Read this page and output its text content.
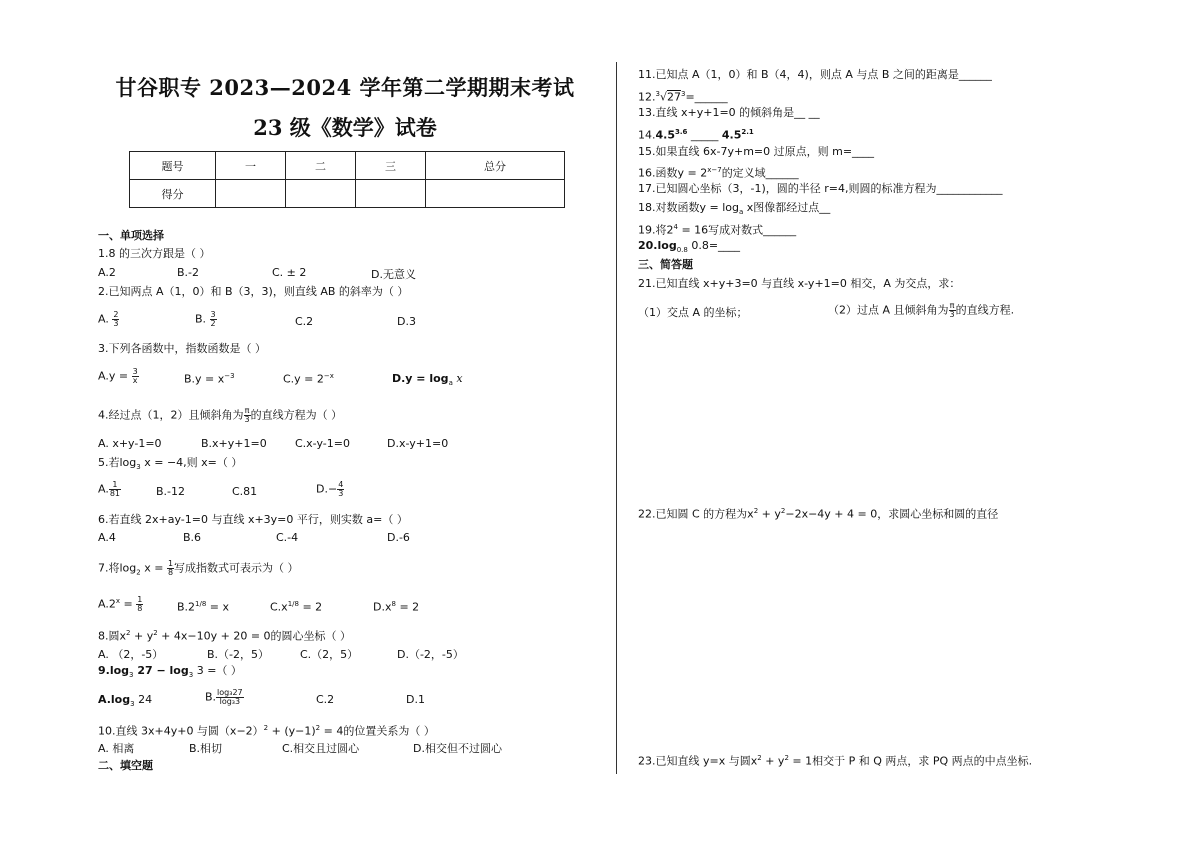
甘谷职专 2023—2024 学年第二学期期末考试
23 级《数学》试卷
题号	一	二	三	总分
得分				
一、单项选择
1.8 的三次方跟是（ ）
A.2	B.-2	C. ± 2	D.无意义
2.已知两点 A（1，0）和 B（3，3)，则直线 AB 的斜率为（ ）
A. $\frac{2}{3}$	B. $\frac{3}{2}$	C.2	D.3
3.下列各函数中，指数函数是（ ）
$A.y = \frac{3}{x}$	$B.y = x^{-3}$	$C.y = 2^{-x}$	$D.y = \log_a x$
4.经过点（1，2）且倾斜角为 $\frac{\pi}{3}$ 的直线方程为（ ）
A. x+y-1=0	B.x+y+1=0	C.x-y-1=0	D.x-y+1=0
5.若$\log_3 x = -4$,则 x=（ ）
A. $\frac{1}{81}$	B.-12	C.81	$D.- \frac{4}{3}$
6.若直线 2x+ay-1=0 与直线 x+3y=0 平行，则实数 a=（ ）
A.4	B.6	C.-4	D.-6
7.将$\log_2 x = \frac{1}{8}$ 写成指数式可表示为（ ）
$A.2^x = \frac{1}{8}$	$B.2^{1/8} = x$	$C.x^{1/8} = 2$	$D.x^8 = 2$
8.圆$x^2 + y^2 + 4x-10y + 20 = 0$的圆心坐标（ ）
A. （2，-5）	B.（-2，5）	C.（2，5）	D.（-2，-5）
$9.\log_3$ $27 - \log_3 3$ =（ ）
$A.\log_3$ 24	B. $\frac{\text{log₃27}}{\text{log₃3}}$	C.2	D.1
10.直线 3x+4y+0 与圆$(x-2)^2 + (y-1)^2 = 4$的位置关系为（ ）
A. 相离	B.相切	C.相交且过圆心	D.相交但不过圆心
二、填空题
11.已知点 A（1，0）和 B（4，4)，则点 A 与点 B 之间的距离是______
$12.^3√27^3=\_\_\_\_\_\_$
13.直线 x+y+1=0 的倾斜角是__ __
$14.4.5^{3.6}$ _____ $4.5^{2.1}$
15.如果直线 6x-7y+m=0 过原点，则 m=____
16.函数$y = 2^{x-7}$的定义域______
17.已知圆心坐标（3，-1)，圆的半径 r=4,则圆的标准方程为____________
18.对数函数$y = \log_a x$图像都经过点__
19.将$2^4 = 16$写成对数式______
$20.\log_{0.8}$ 0.8=____
三、简答题
21.已知直线 x+y+3=0 与直线 x-y+1=0 相交，A 为交点，求：
（1）交点 A 的坐标；	（2）过点 A 且倾斜角为 $\frac{\pi}{3}$ 的直线方程.
22.已知圆 C 的方程为$x^2 + y^2-2x-4y + 4 = 0$，求圆心坐标和圆的直径
23.已知直线 y=x 与圆$x^2 + y^2 = 1$相交于 P 和 Q 两点，求 PQ 两点的中点坐标.
